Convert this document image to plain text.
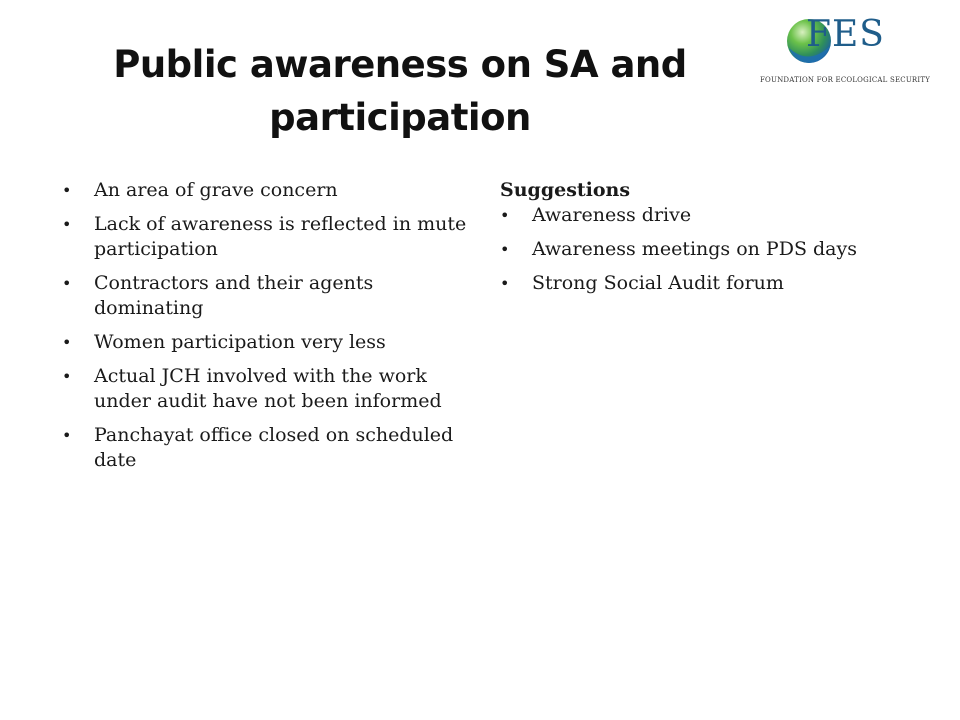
Public awareness on SA and participation
FES
FOUNDATION FOR ECOLOGICAL SECURITY
• An area of grave concern
• Lack of awareness is reflected in mute participation
• Contractors and their agents dominating
• Women participation very less
• Actual JCH involved with the work under audit have not been informed
• Panchayat office closed on scheduled date

Suggestions

• Awareness drive
• Awareness meetings on PDS days
• Strong Social Audit forum
